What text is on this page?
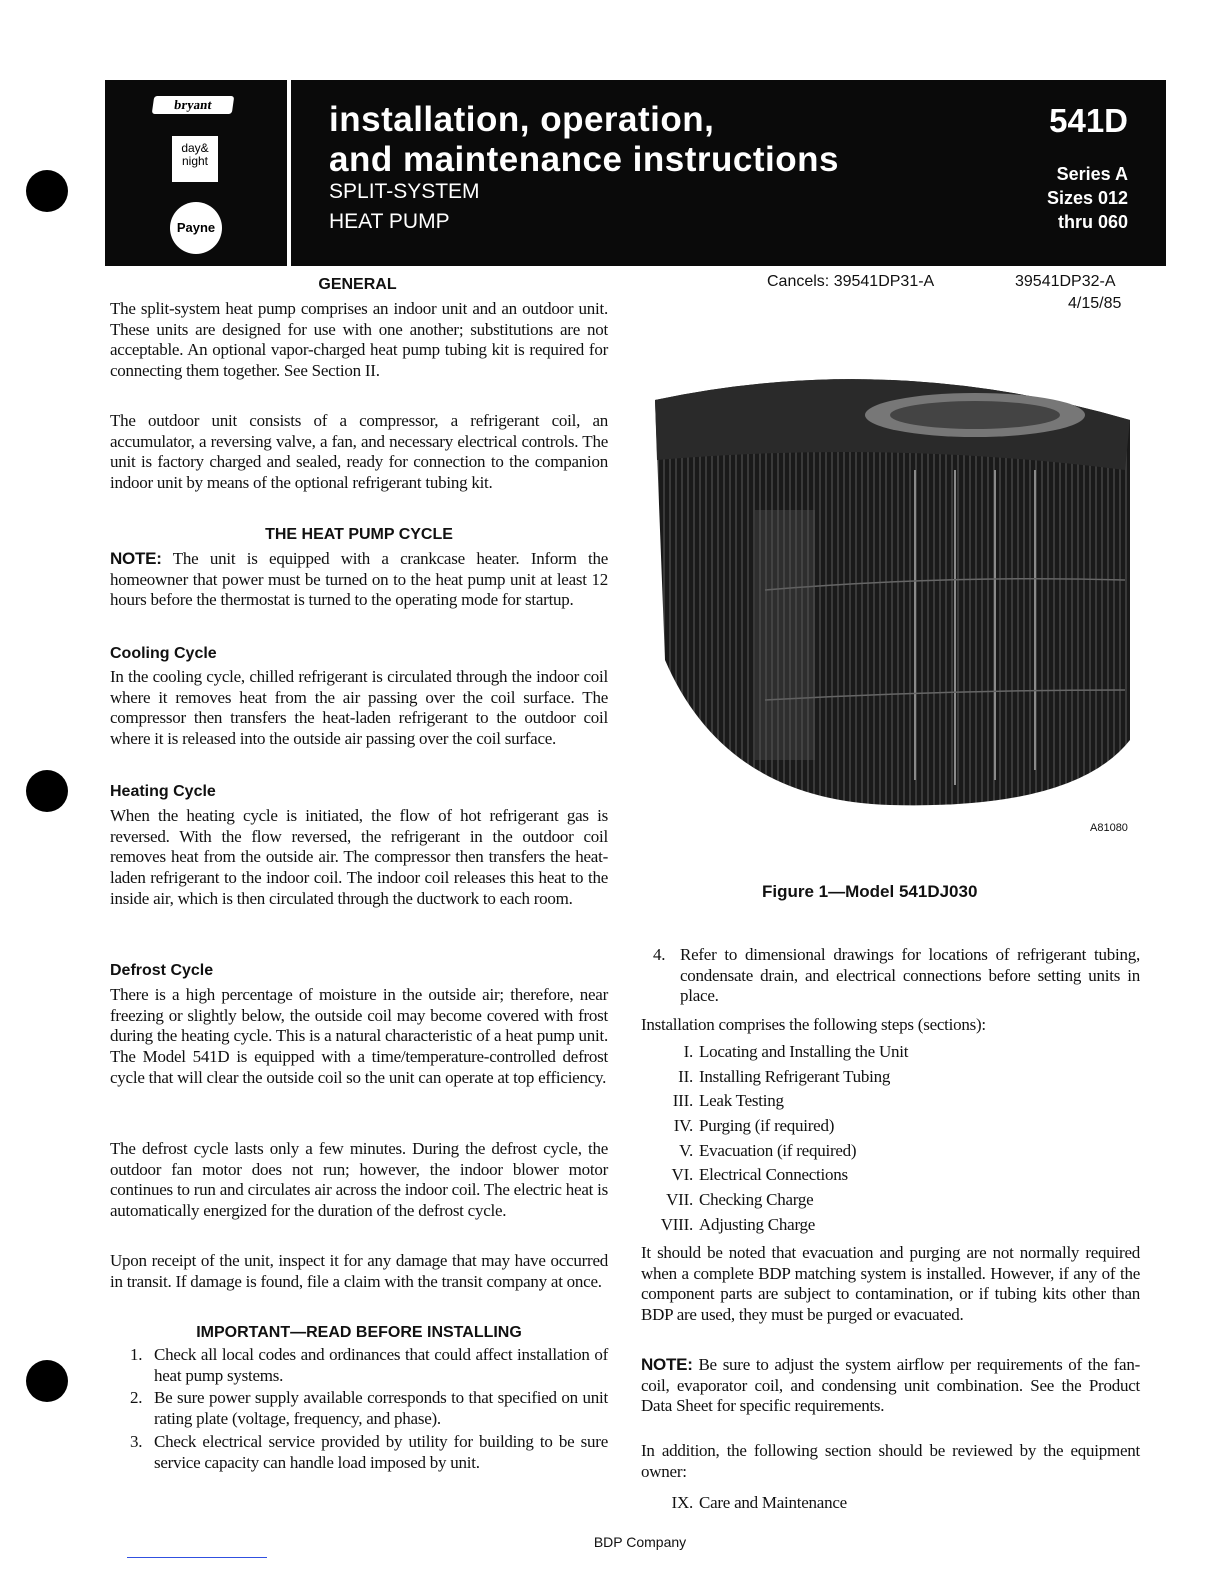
bryant
day&
night
Payne
installation, operation,
and maintenance instructions
SPLIT-SYSTEM
HEAT PUMP
541D
Series A
Sizes 012
thru 060
Cancels: 39541DP31-A	39541DP32-A
4/15/85
GENERAL
The split-system heat pump comprises an indoor unit and an outdoor unit. These units are designed for use with one another; substitutions are not acceptable. An optional vapor-charged heat pump tubing kit is required for connecting them together. See Section II.
The outdoor unit consists of a compressor, a refrigerant coil, an accumulator, a reversing valve, a fan, and necessary electrical controls. The unit is factory charged and sealed, ready for connection to the companion indoor unit by means of the optional refrigerant tubing kit.
THE HEAT PUMP CYCLE
NOTE: The unit is equipped with a crankcase heater. Inform the homeowner that power must be turned on to the heat pump unit at least 12 hours before the thermostat is turned to the operating mode for startup.
Cooling Cycle
In the cooling cycle, chilled refrigerant is circulated through the indoor coil where it removes heat from the air passing over the coil surface. The compressor then transfers the heat-laden refrigerant to the outdoor coil where it is released into the outside air passing over the coil surface.
Heating Cycle
When the heating cycle is initiated, the flow of hot refrigerant gas is reversed. With the flow reversed, the refrigerant in the outdoor coil removes heat from the outside air. The compressor then transfers the heat-laden refrigerant to the indoor coil. The indoor coil releases this heat to the inside air, which is then circulated through the ductwork to each room.
Defrost Cycle
There is a high percentage of moisture in the outside air; therefore, near freezing or slightly below, the outside coil may become covered with frost during the heating cycle. This is a natural characteristic of a heat pump unit. The Model 541D is equipped with a time/temperature-controlled defrost cycle that will clear the outside coil so the unit can operate at top efficiency.
The defrost cycle lasts only a few minutes. During the defrost cycle, the outdoor fan motor does not run; however, the indoor blower motor continues to run and circulates air across the indoor coil. The electric heat is automatically energized for the duration of the defrost cycle.
Upon receipt of the unit, inspect it for any damage that may have occurred in transit. If damage is found, file a claim with the transit company at once.
IMPORTANT—READ BEFORE INSTALLING
1. Check all local codes and ordinances that could affect installation of heat pump systems.
2. Be sure power supply available corresponds to that specified on unit rating plate (voltage, frequency, and phase).
3. Check electrical service provided by utility for building to be sure service capacity can handle load imposed by unit.
A81080
Figure 1—Model 541DJ030
4. Refer to dimensional drawings for locations of refrigerant tubing, condensate drain, and electrical connections before setting units in place.
Installation comprises the following steps (sections):
I. Locating and Installing the Unit
II. Installing Refrigerant Tubing
III. Leak Testing
IV. Purging (if required)
V. Evacuation (if required)
VI. Electrical Connections
VII. Checking Charge
VIII. Adjusting Charge
It should be noted that evacuation and purging are not normally required when a complete BDP matching system is installed. However, if any of the component parts are subject to contamination, or if tubing kits other than BDP are used, they must be purged or evacuated.
NOTE: Be sure to adjust the system airflow per requirements of the fan-coil, evaporator coil, and condensing unit combination. See the Product Data Sheet for specific requirements.
In addition, the following section should be reviewed by the equipment owner:
IX. Care and Maintenance
BDP Company
